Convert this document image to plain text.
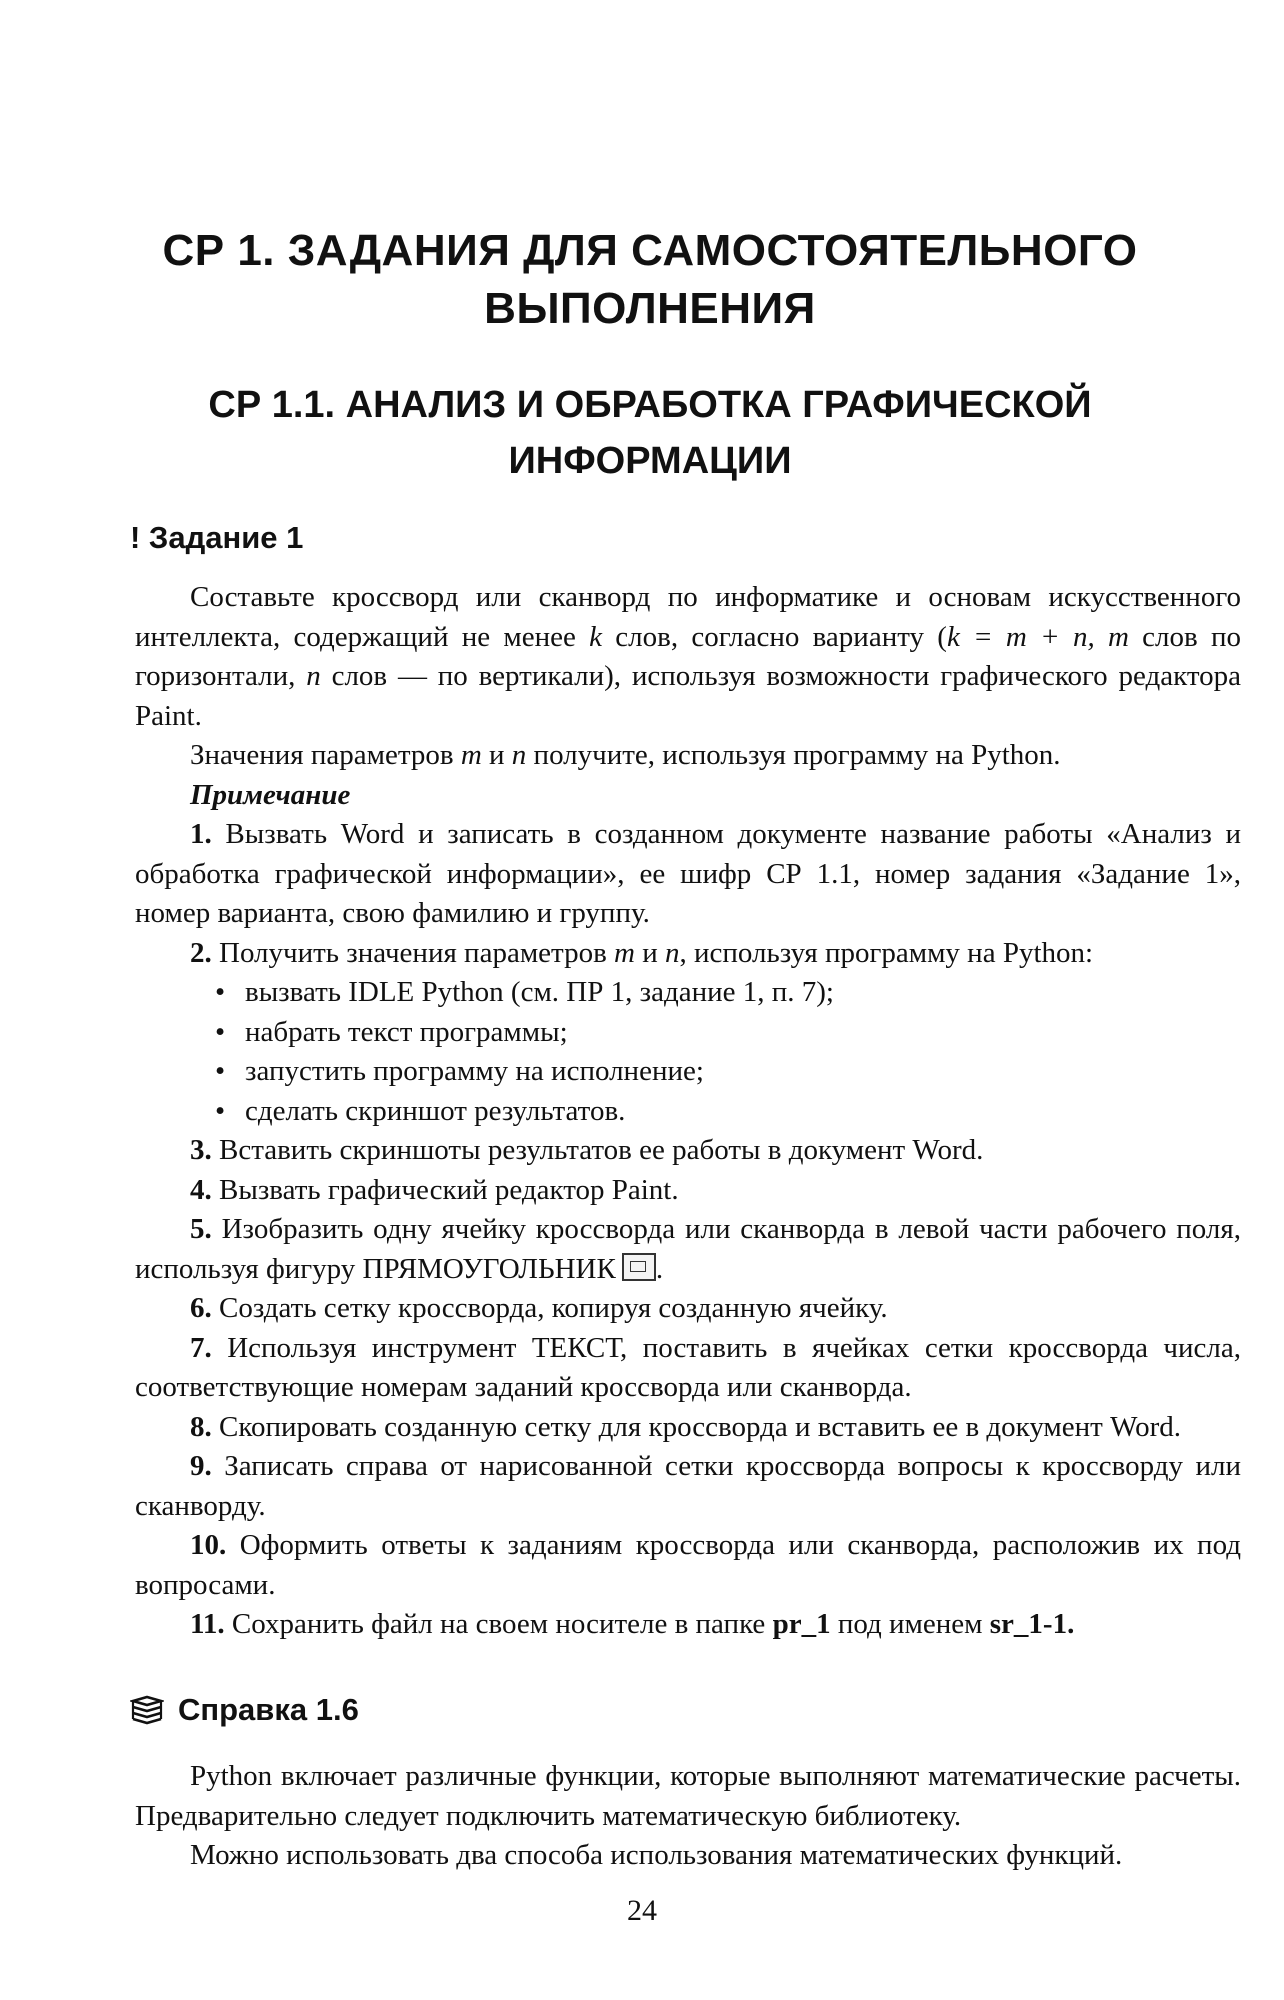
СР 1. ЗАДАНИЯ ДЛЯ САМОСТОЯТЕЛЬНОГО ВЫПОЛНЕНИЯ
СР 1.1. АНАЛИЗ И ОБРАБОТКА ГРАФИЧЕСКОЙ ИНФОРМАЦИИ
! Задание 1

Составьте кроссворд или сканворд по информатике и основам искусственного интеллекта, содержащий не менее k слов, согласно варианту (k = m + n, m слов по горизонтали, n слов — по вертикали), используя возможности графического редактора Paint.

Значения параметров m и n получите, используя программу на Python.

Примечание

1. Вызвать Word и записать в созданном документе название работы «Анализ и обработка графической информации», ее шифр СР 1.1, номер задания «Задание 1», номер варианта, свою фамилию и группу.

2. Получить значения параметров m и n, используя программу на Python:

• вызвать IDLE Python (см. ПР 1, задание 1, п. 7);
• набрать текст программы;
• запустить программу на исполнение;
• сделать скриншот результатов.

3. Вставить скриншоты результатов ее работы в документ Word.

4. Вызвать графический редактор Paint.

5. Изобразить одну ячейку кроссворда или сканворда в левой части рабочего поля, используя фигуру ПРЯМОУГОЛЬНИК .

6. Создать сетку кроссворда, копируя созданную ячейку.

7. Используя инструмент ТЕКСТ, поставить в ячейках сетки кроссворда числа, соответствующие номерам заданий кроссворда или сканворда.

8. Скопировать созданную сетку для кроссворда и вставить ее в документ Word.

9. Записать справа от нарисованной сетки кроссворда вопросы к кроссворду или сканворду.

10. Оформить ответы к заданиям кроссворда или сканворда, расположив их под вопросами.

11. Сохранить файл на своем носителе в папке pr_1 под именем sr_1-1.

Справка 1.6

Python включает различные функции, которые выполняют математические расчеты. Предварительно следует подключить математическую библиотеку.

Можно использовать два способа использования математических функций.

24
